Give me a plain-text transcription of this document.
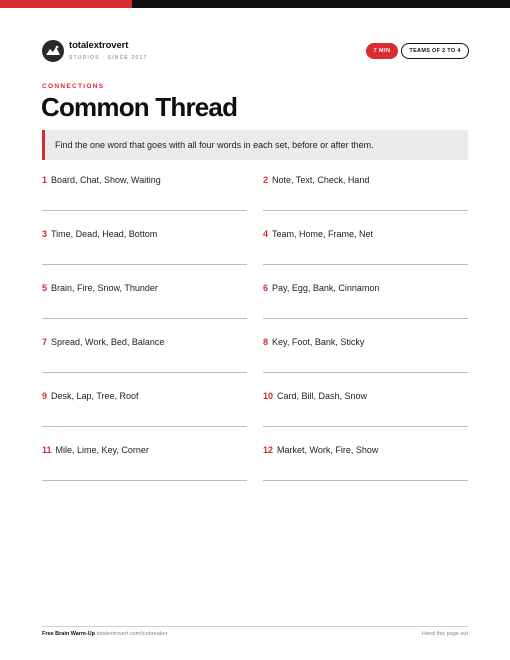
totalextrovert
STUDIOS · SINCE 2017
7 MIN	TEAMS OF 2 TO 4
CONNECTIONS
Common Thread
Find the one word that goes with all four words in each set, before or after them.
1 Board, Chat, Show, Waiting	2 Note, Text, Check, Hand
3 Time, Dead, Head, Bottom	4 Team, Home, Frame, Net
5 Brain, Fire, Snow, Thunder	6 Pay, Egg, Bank, Cinnamon
7 Spread, Work, Bed, Balance	8 Key, Foot, Bank, Sticky
9 Desk, Lap, Tree, Roof	10 Card, Bill, Dash, Snow
11 Mile, Lime, Key, Corner	12 Market, Work, Fire, Show
Free Brain Warm-Up totalextrovert.com/icebreaker	Hand this page out
